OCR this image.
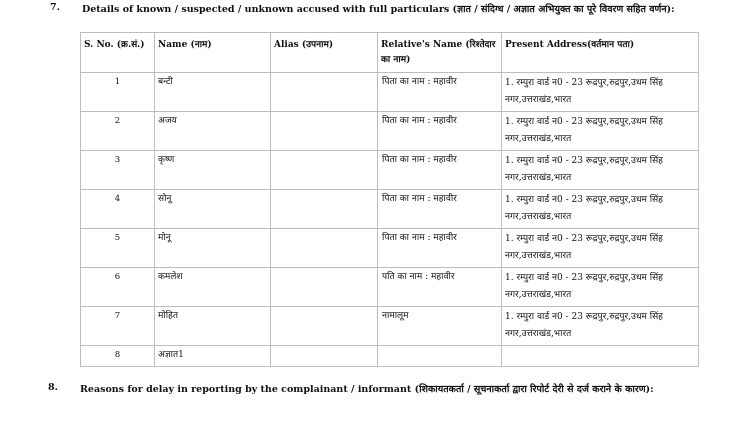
7. Details of known / suspected / unknown accused with full particulars (ज्ञात / संदिग्ध / अज्ञात अभियुक्त का पूरे विवरण सहित वर्णन):
S. No. (क्र.सं.)	Name (नाम)	Alias (उपनाम)	Relative's Name (रिश्तेदार का नाम)	Present Address(वर्तमान पता)
1	बन्टी		पिता का नाम : महावीर	1. रम्पुरा वार्ड न0 - 23 रूद्रपुर,रुद्रपुर,उधम सिंह नगर,उत्तराखंड,भारत
2	अजय		पिता का नाम : महावीर	1. रम्पुरा वार्ड न0 - 23 रूद्रपुर,रुद्रपुर,उधम सिंह नगर,उत्तराखंड,भारत
3	कृष्ण		पिता का नाम : महावीर	1. रम्पुरा वार्ड न0 - 23 रूद्रपुर,रुद्रपुर,उधम सिंह नगर,उत्तराखंड,भारत
4	सोनू		पिता का नाम : महावीर	1. रम्पुरा वार्ड न0 - 23 रूद्रपुर,रुद्रपुर,उधम सिंह नगर,उत्तराखंड,भारत
5	मोनू		पिता का नाम : महावीर	1. रम्पुरा वार्ड न0 - 23 रूद्रपुर,रुद्रपुर,उधम सिंह नगर,उत्तराखंड,भारत
6	कमलेश		पति का नाम : महावीर	1. रम्पुरा वार्ड न0 - 23 रूद्रपुर,रुद्रपुर,उधम सिंह नगर,उत्तराखंड,भारत
7	मोहित		नामालूम	1. रम्पुरा वार्ड न0 - 23 रूद्रपुर,रुद्रपुर,उधम सिंह नगर,उत्तराखंड,भारत
8	अज्ञात1			
8. Reasons for delay in reporting by the complainant / informant (शिकायतकर्ता / सूचनाकर्ता द्वारा रिपोर्ट देरी से दर्ज कराने के कारण):
